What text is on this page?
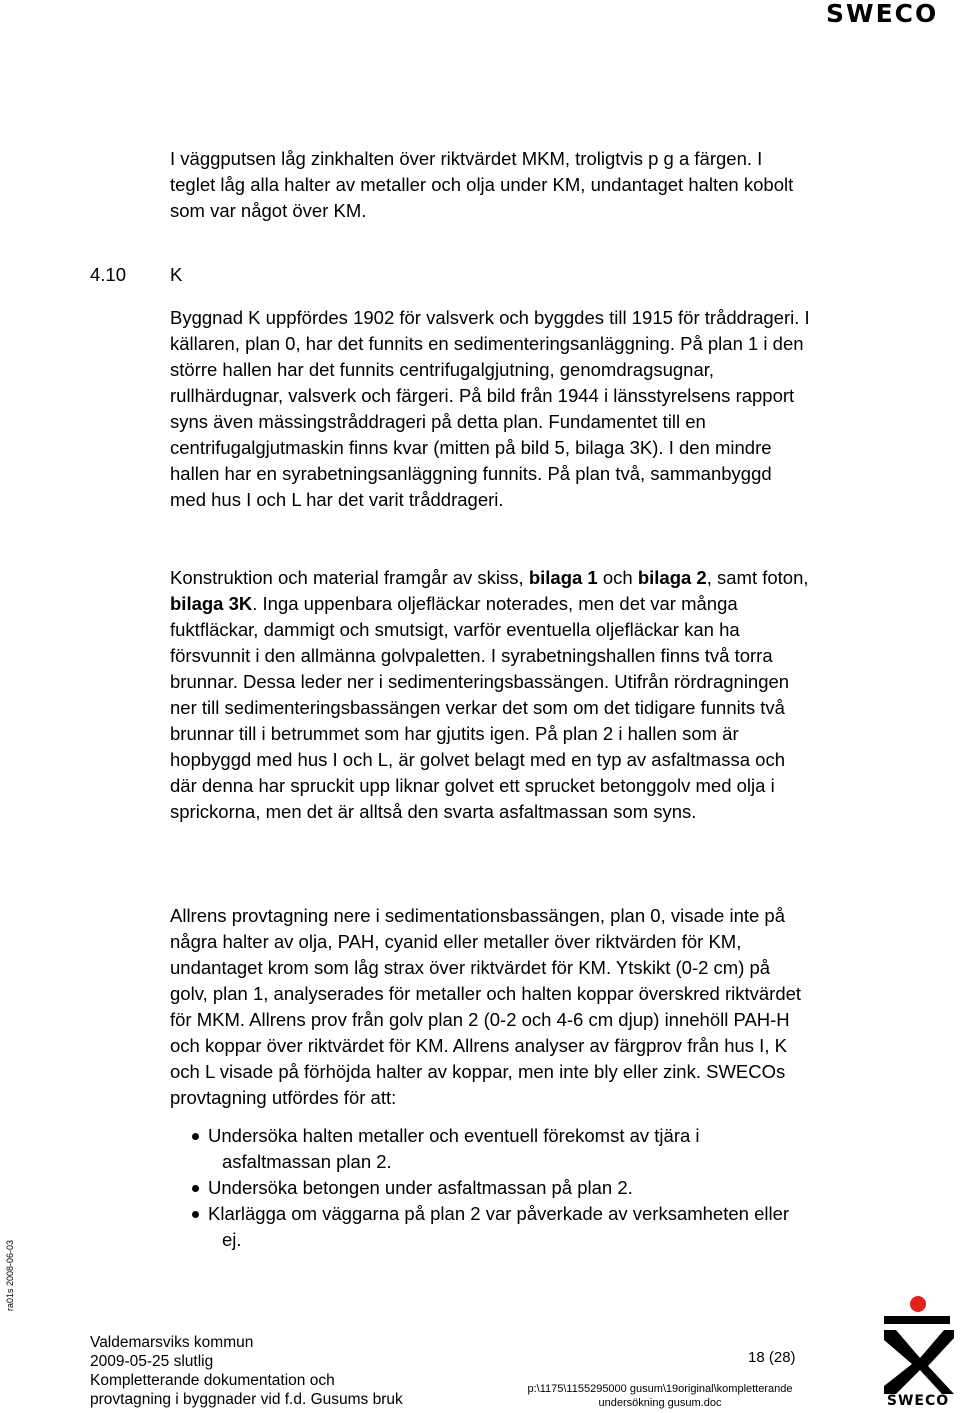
SWECO

I väggputsen låg zinkhalten över riktvärdet MKM, troligtvis p g a färgen. I teglet låg alla halter av metaller och olja under KM, undantaget halten kobolt som var något över KM.

4.10 K

Byggnad K uppfördes 1902 för valsverk och byggdes till 1915 för tråddrageri. I källaren, plan 0, har det funnits en sedimenteringsanläggning. På plan 1 i den större hallen har det funnits centrifugalgjutning, genomdragsugnar, rullhärdugnar, valsverk och färgeri. På bild från 1944 i länsstyrelsens rapport syns även mässingstråddrageri på detta plan. Fundamentet till en centrifugalgjutmaskin finns kvar (mitten på bild 5, bilaga 3K). I den mindre hallen har en syrabetningsanläggning funnits. På plan två, sammanbyggd med hus I och L har det varit tråddrageri.

Konstruktion och material framgår av skiss, bilaga 1 och bilaga 2, samt foton, bilaga 3K. Inga uppenbara oljefläckar noterades, men det var många fuktfläckar, dammigt och smutsigt, varför eventuella oljefläckar kan ha försvunnit i den allmänna golvpaletten. I syrabetningshallen finns två torra brunnar. Dessa leder ner i sedimenteringsbassängen. Utifrån rördragningen ner till sedimenteringsbassängen verkar det som om det tidigare funnits två brunnar till i betrummet som har gjutits igen. På plan 2 i hallen som är hopbyggd med hus I och L, är golvet belagt med en typ av asfaltmassa och där denna har spruckit upp liknar golvet ett sprucket betonggolv med olja i sprickorna, men det är alltså den svarta asfaltmassan som syns.

Allrens provtagning nere i sedimentationsbassängen, plan 0, visade inte på några halter av olja, PAH, cyanid eller metaller över riktvärden för KM, undantaget krom som låg strax över riktvärdet för KM. Ytskikt (0-2 cm) på golv, plan 1, analyserades för metaller och halten koppar överskred riktvärdet för MKM. Allrens prov från golv plan 2 (0-2 och 4-6 cm djup) innehöll PAH-H och koppar över riktvärdet för KM. Allrens analyser av färgprov från hus I, K och L visade på förhöjda halter av koppar, men inte bly eller zink. SWECOs provtagning utfördes för att:

Undersöka halten metaller och eventuell förekomst av tjära i asfaltmassan plan 2.
Undersöka betongen under asfaltmassan på plan 2.
Klarlägga om väggarna på plan 2 var påverkade av verksamheten eller ej.
ra01s 2008-06-03
Valdemarsviks kommun
2009-05-25 slutlig
Kompletterande dokumentation och
provtagning i byggnader vid f.d. Gusums bruk
18 (28)
p:\1175\1155295000 gusum\19original\kompletterande
undersökning gusum.doc	SWECO
